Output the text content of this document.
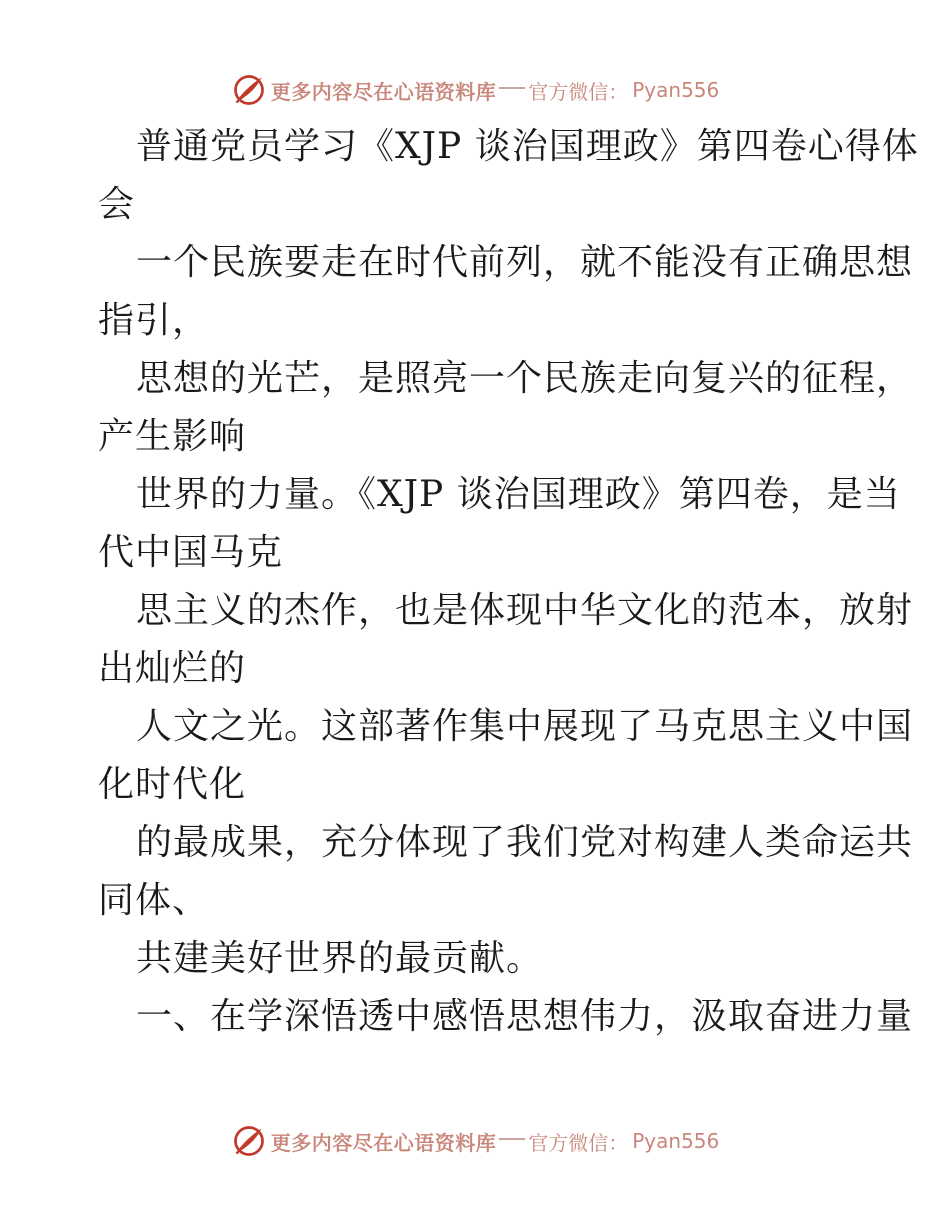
更多内容尽在心语资料库 官方微信： Pyan556
普通党员学习《XJP 谈治国理政》第四卷心得体
会
一个民族要走在时代前列，就不能没有正确思想
指引，
思想的光芒，是照亮一个民族走向复兴的征程，
产生影响
世界的力量。《XJP 谈治国理政》第四卷，是当
代中国马克
思主义的杰作，也是体现中华文化的范本，放射
出灿烂的
人文之光。这部著作集中展现了马克思主义中国
化时代化
的最成果，充分体现了我们党对构建人类命运共
同体、
共建美好世界的最贡献。
一、在学深悟透中感悟思想伟力，汲取奋进力量
更多内容尽在心语资料库 官方微信： Pyan556
